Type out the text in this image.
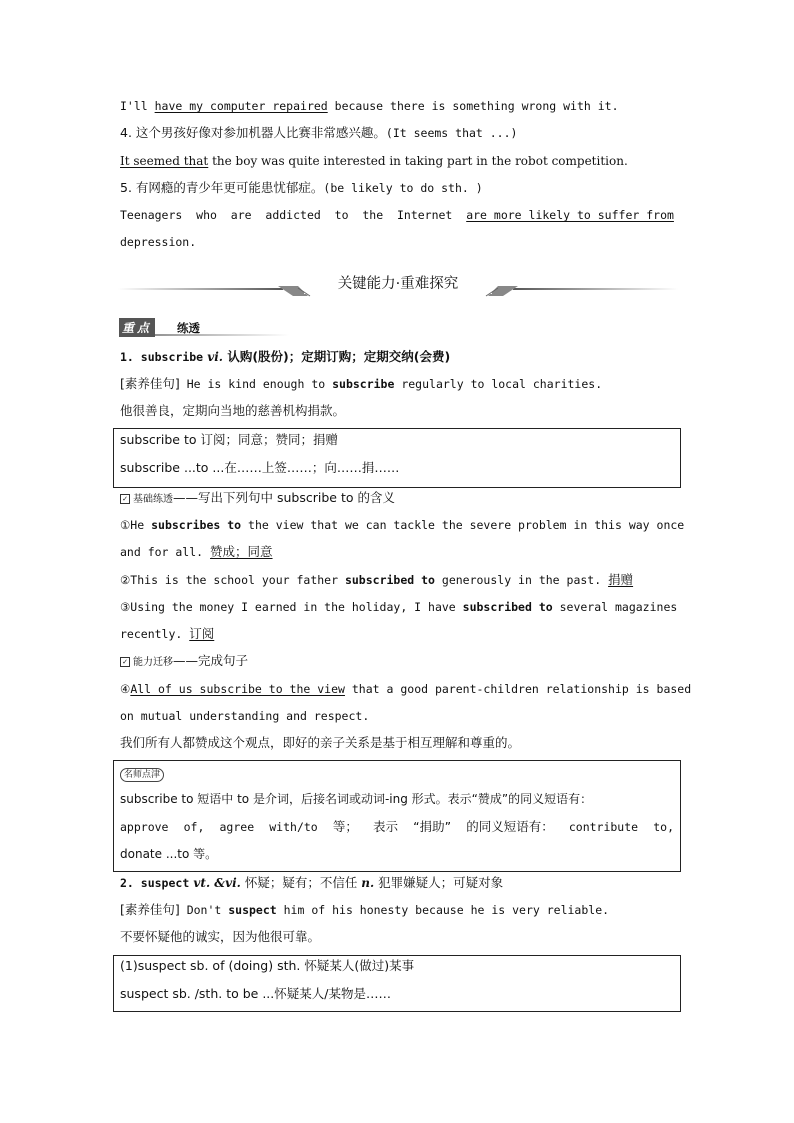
I'll have my computer repaired because there is something wrong with it.
4. 这个男孩好像对参加机器人比赛非常感兴趣。(It seems that ...)
It seemed that the boy was quite interested in taking part in the robot competition.
5. 有网瘾的青少年更可能患忧郁症。(be likely to do sth. )
Teenagers who are addicted to the Internet are more likely to suffer from
depression.
关键能力·重难探究
重点 练透
1. subscribe vi. 认购(股份)；定期订购；定期交纳(会费)
[素养佳句] He is kind enough to subscribe regularly to local charities.
他很善良，定期向当地的慈善机构捐款。
subscribe to 订阅；同意；赞同；捐赠
subscribe ...to ...在……上签……；向……捐……
✓ 基础练透——写出下列句中 subscribe to 的含义
①He subscribes to the view that we can tackle the severe problem in this way once
and for all. 赞成；同意
②This is the school your father subscribed to generously in the past. 捐赠
③Using the money I earned in the holiday, I have subscribed to several magazines
recently. 订阅
✓ 能力迁移——完成句子
④All of us subscribe to the view that a good parent-children relationship is based
on mutual understanding and respect.
我们所有人都赞成这个观点，即好的亲子关系是基于相互理解和尊重的。
名师点津
subscribe to 短语中 to 是介词，后接名词或动词-ing 形式。表示“赞成”的同义短语有：
approve of, agree with/to 等； 表示 “捐助” 的同义短语有： contribute to,
donate ...to 等。
2. suspect vt. &vi. 怀疑；疑有；不信任 n. 犯罪嫌疑人；可疑对象
[素养佳句] Don't suspect him of his honesty because he is very reliable.
不要怀疑他的诚实，因为他很可靠。
(1)suspect sb. of (doing) sth. 怀疑某人(做过)某事
suspect sb. /sth. to be ...怀疑某人/某物是……
